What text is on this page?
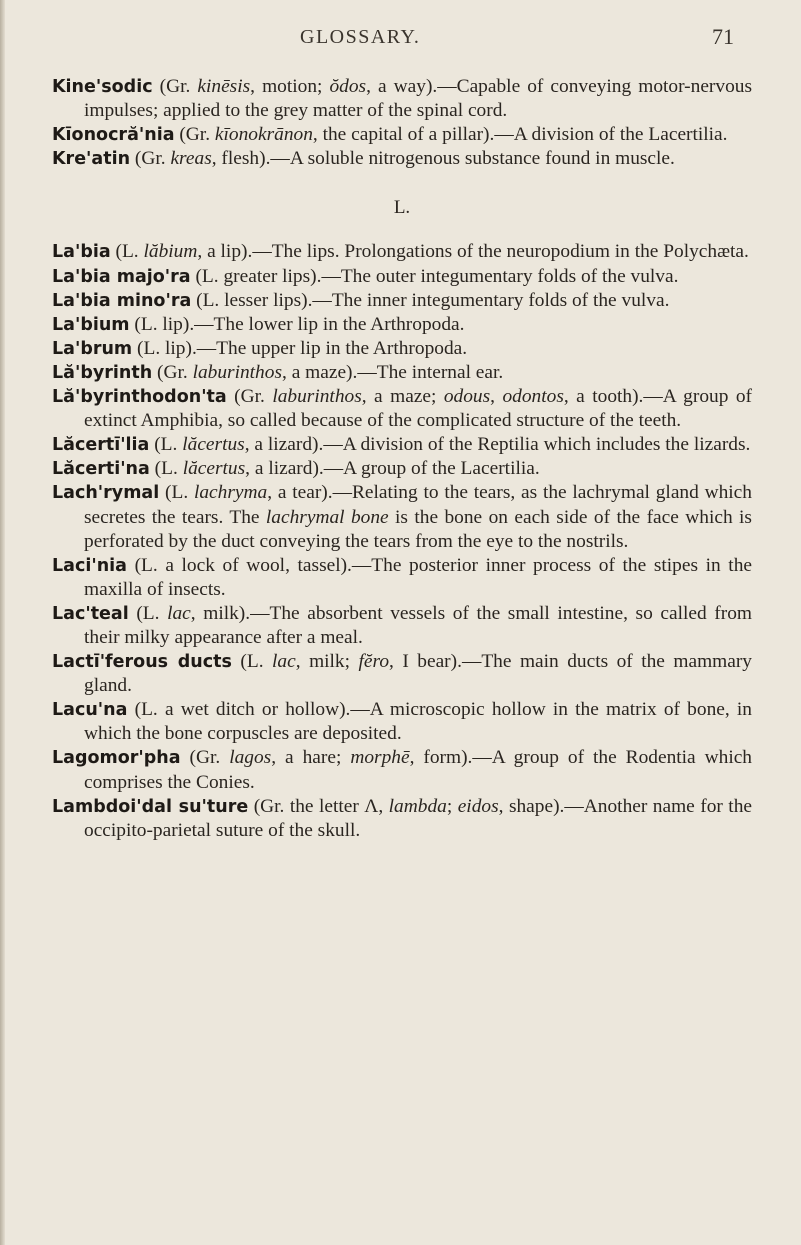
GLOSSARY.	71

Kine'sodic (Gr. kinēsis, motion; ŏdos, a way).—Capable of conveying motor-nervous impulses; applied to the grey matter of the spinal cord.

Kīonocră'nia (Gr. kīonokrānon, the capital of a pillar).—A division of the Lacertilia.

Kre'atin (Gr. kreas, flesh).—A soluble nitrogenous substance found in muscle.

L.

La'bia (L. lăbium, a lip).—The lips. Prolongations of the neuropodium in the Polychæta.

La'bia majo'ra (L. greater lips).—The outer integumentary folds of the vulva.

La'bia mino'ra (L. lesser lips).—The inner integumentary folds of the vulva.

La'bium (L. lip).—The lower lip in the Arthropoda.

La'brum (L. lip).—The upper lip in the Arthropoda.

Lă'byrinth (Gr. laburinthos, a maze).—The internal ear.

Lă'byrinthodon'ta (Gr. laburinthos, a maze; odous, odontos, a tooth).—A group of extinct Amphibia, so called because of the complicated structure of the teeth.

Lăcertī'lia (L. lăcertus, a lizard).—A division of the Reptilia which includes the lizards.

Lăcerti'na (L. lăcertus, a lizard).—A group of the Lacertilia.

Lach'rymal (L. lachryma, a tear).—Relating to the tears, as the lachrymal gland which secretes the tears. The lachrymal bone is the bone on each side of the face which is perforated by the duct conveying the tears from the eye to the nostrils.

Laci'nia (L. a lock of wool, tassel).—The posterior inner process of the stipes in the maxilla of insects.

Lac'teal (L. lac, milk).—The absorbent vessels of the small intestine, so called from their milky appearance after a meal.

Lactī'ferous ducts (L. lac, milk; fĕro, I bear).—The main ducts of the mammary gland.

Lacu'na (L. a wet ditch or hollow).—A microscopic hollow in the matrix of bone, in which the bone corpuscles are deposited.

Lagomor'pha (Gr. lagos, a hare; morphē, form).—A group of the Rodentia which comprises the Conies.

Lambdoi'dal su'ture (Gr. the letter Λ, lambda; eidos, shape).—Another name for the occipito-parietal suture of the skull.
